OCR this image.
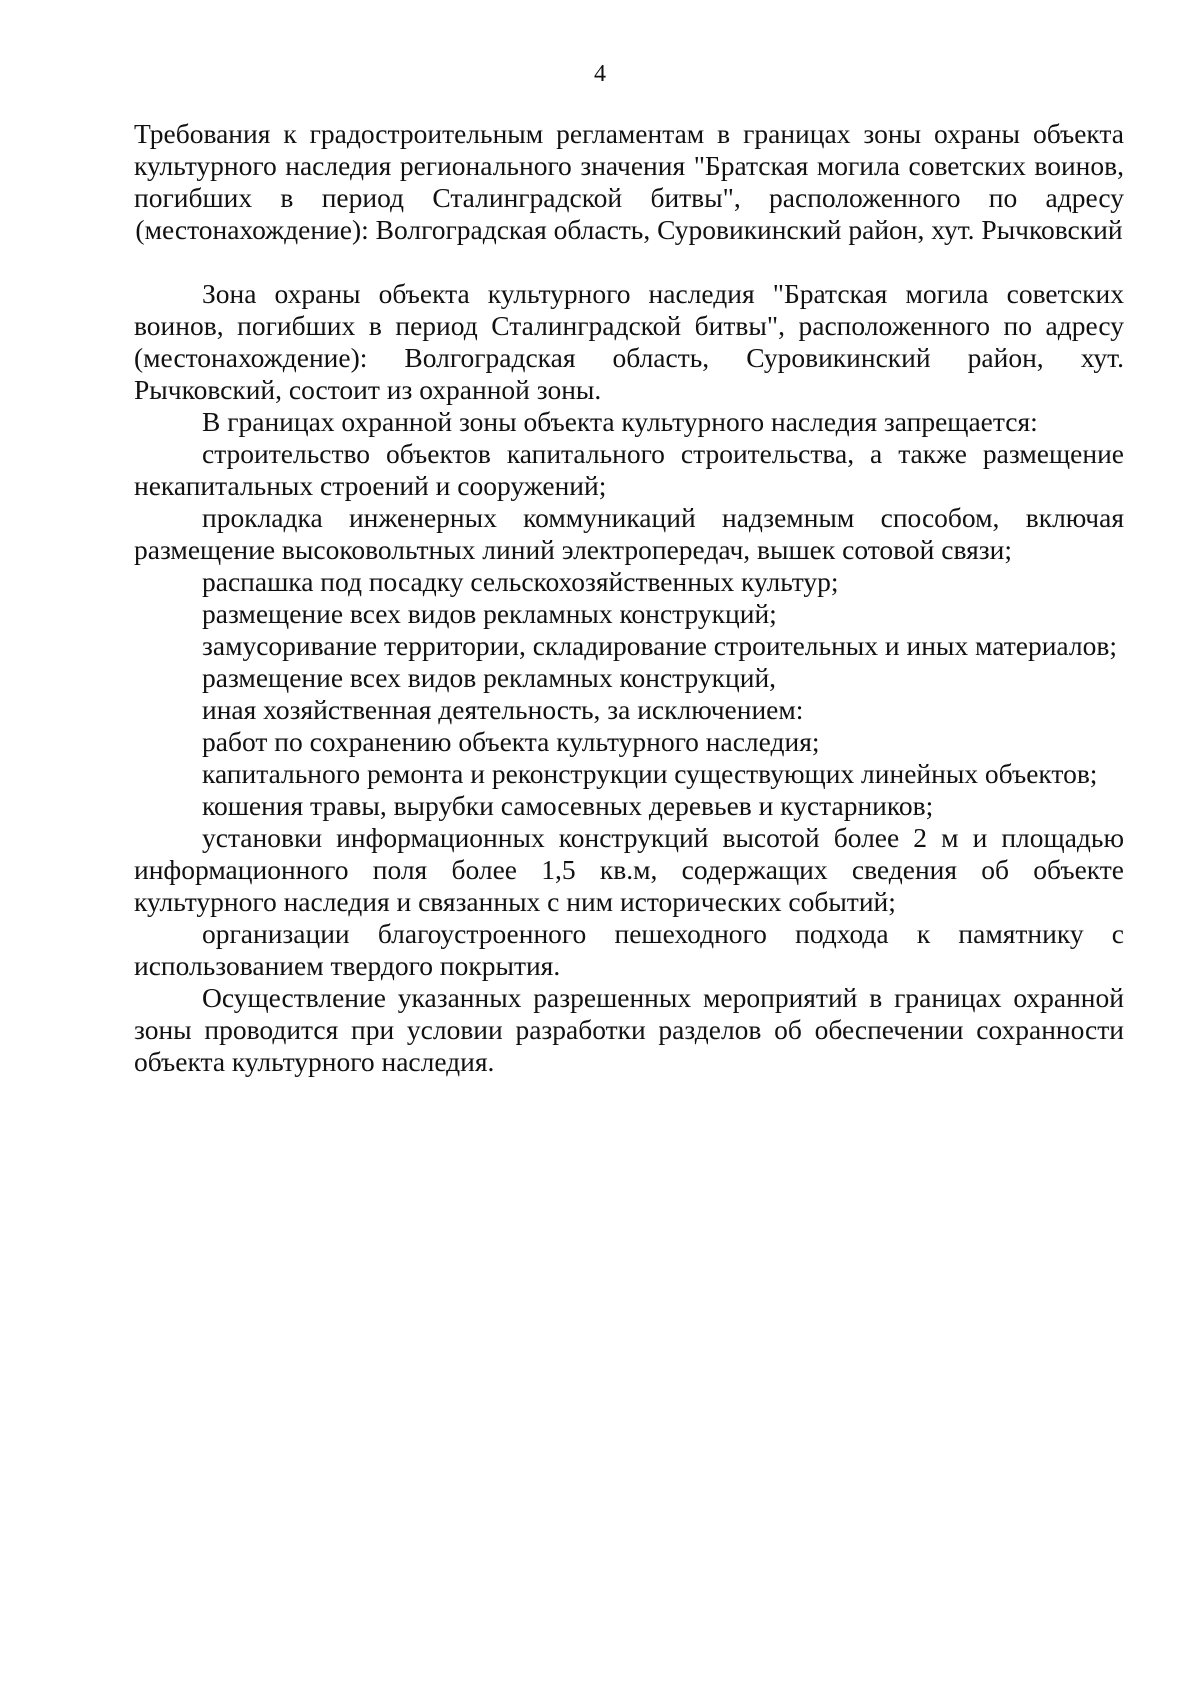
4

Требования к градостроительным регламентам в границах зоны охраны объекта культурного наследия регионального значения "Братская могила советских воинов, погибших в период Сталинградской битвы", расположенного по адресу (местонахождение): Волгоградская область, Суровикинский район, хут. Рычковский

Зона охраны объекта культурного наследия "Братская могила советских воинов, погибших в период Сталинградской битвы", расположенного по адресу (местонахождение): Волгоградская область, Суровикинский район, хут. Рычковский, состоит из охранной зоны.

В границах охранной зоны объекта культурного наследия запрещается:

строительство объектов капитального строительства, а также размещение некапитальных строений и сооружений;

прокладка инженерных коммуникаций надземным способом, включая размещение высоковольтных линий электропередач, вышек сотовой связи;

распашка под посадку сельскохозяйственных культур;

размещение всех видов рекламных конструкций;

замусоривание территории, складирование строительных и иных материалов;

размещение всех видов рекламных конструкций,

иная хозяйственная деятельность, за исключением:

работ по сохранению объекта культурного наследия;

капитального ремонта и реконструкции существующих линейных объектов;

кошения травы, вырубки самосевных деревьев и кустарников;

установки информационных конструкций высотой более 2 м и площадью информационного поля более 1,5 кв.м, содержащих сведения об объекте культурного наследия и связанных с ним исторических событий;

организации благоустроенного пешеходного подхода к памятнику с использованием твердого покрытия.

Осуществление указанных разрешенных мероприятий в границах охранной зоны проводится при условии разработки разделов об обеспечении сохранности объекта культурного наследия.
